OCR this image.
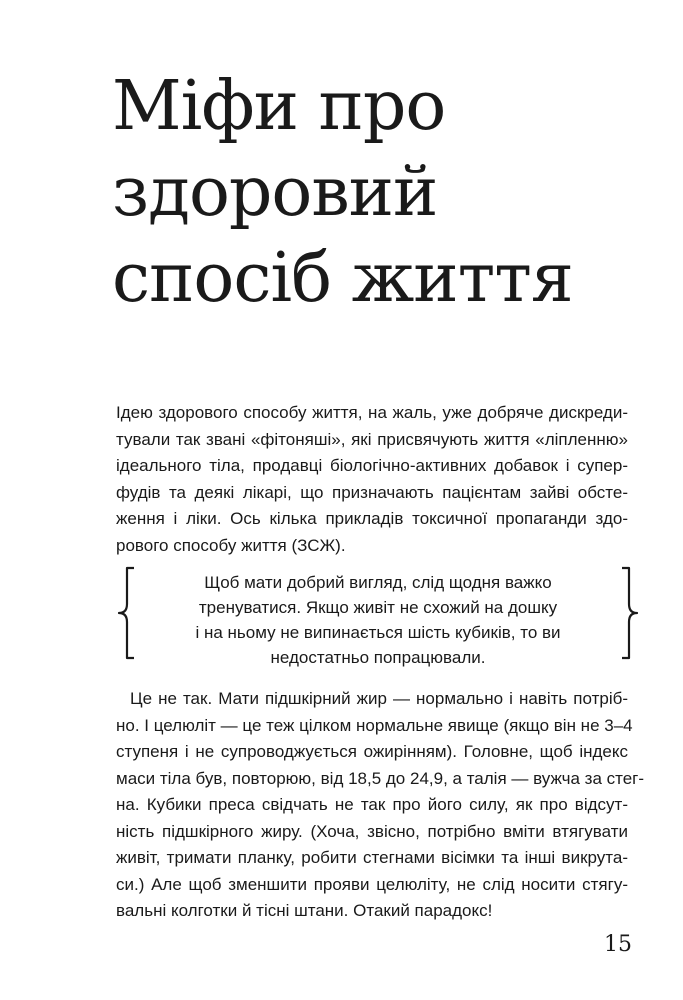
Міфи про
здоровий
спосіб життя

Ідею здорового способу життя, на жаль, уже добряче дискреди-
тували так звані «фітоняші», які присвячують життя «ліпленню»
ідеального тіла, продавці біологічно-активних добавок і супер-
фудів та деякі лікарі, що призначають пацієнтам зайві обсте-
ження і ліки. Ось кілька прикладів токсичної пропаганди здо-
рового способу життя (ЗСЖ).

Щоб мати добрий вигляд, слід щодня важко
тренуватися. Якщо живіт не схожий на дошку
і на ньому не випинається шість кубиків, то ви
недостатньо попрацювали.

Це не так. Мати підшкірний жир — нормально і навіть потріб-
но. І целюліт — це теж цілком нормальне явище (якщо він не 3–4
ступеня і не супроводжується ожирінням). Головне, щоб індекс
маси тіла був, повторюю, від 18,5 до 24,9, а талія — вужча за стег-
на. Кубики преса свідчать не так про його силу, як про відсут-
ність підшкірного жиру. (Хоча, звісно, потрібно вміти втягувати
живіт, тримати планку, робити стегнами вісімки та інші викрута-
си.) Але щоб зменшити прояви целюліту, не слід носити стягу-
вальні колготки й тісні штани. Отакий парадокс!

15
